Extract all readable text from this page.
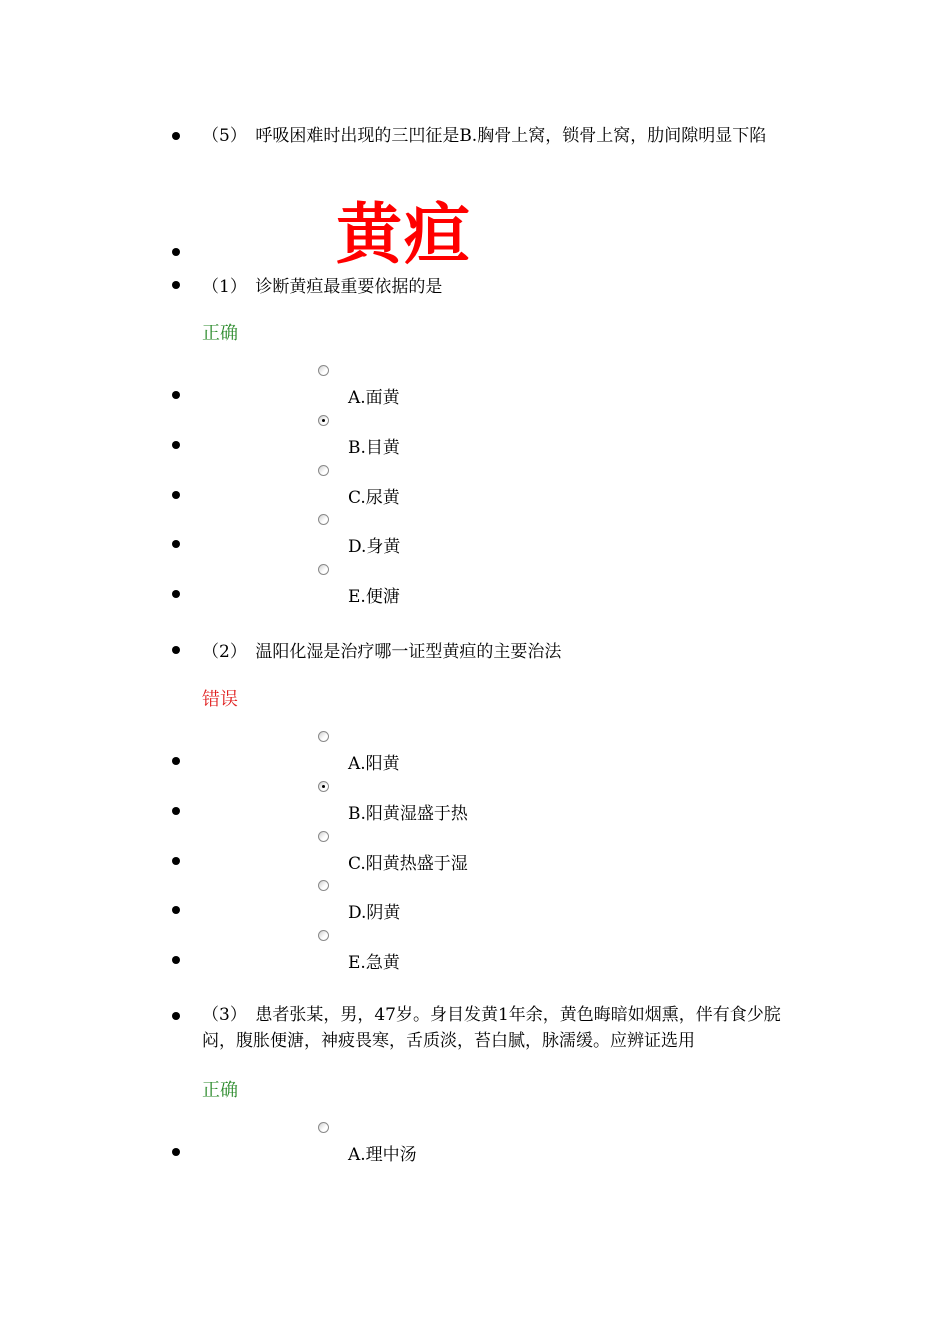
（5）　呼吸困难时出现的三凹征是B.胸骨上窝，锁骨上窝，肋间隙明显下陷
黄疸
（1）　诊断黄疸最重要依据的是
正确
A.面黄
B.目黄
C.尿黄
D.身黄
E.便溏
（2）　温阳化湿是治疗哪一证型黄疸的主要治法
错误
A.阳黄
B.阳黄湿盛于热
C.阳黄热盛于湿
D.阴黄
E.急黄
（3）　患者张某，男，47岁。身目发黄1年余，黄色晦暗如烟熏，伴有食少脘闷，腹胀便溏，神疲畏寒，舌质淡，苔白腻，脉濡缓。应辨证选用
正确
A.理中汤
